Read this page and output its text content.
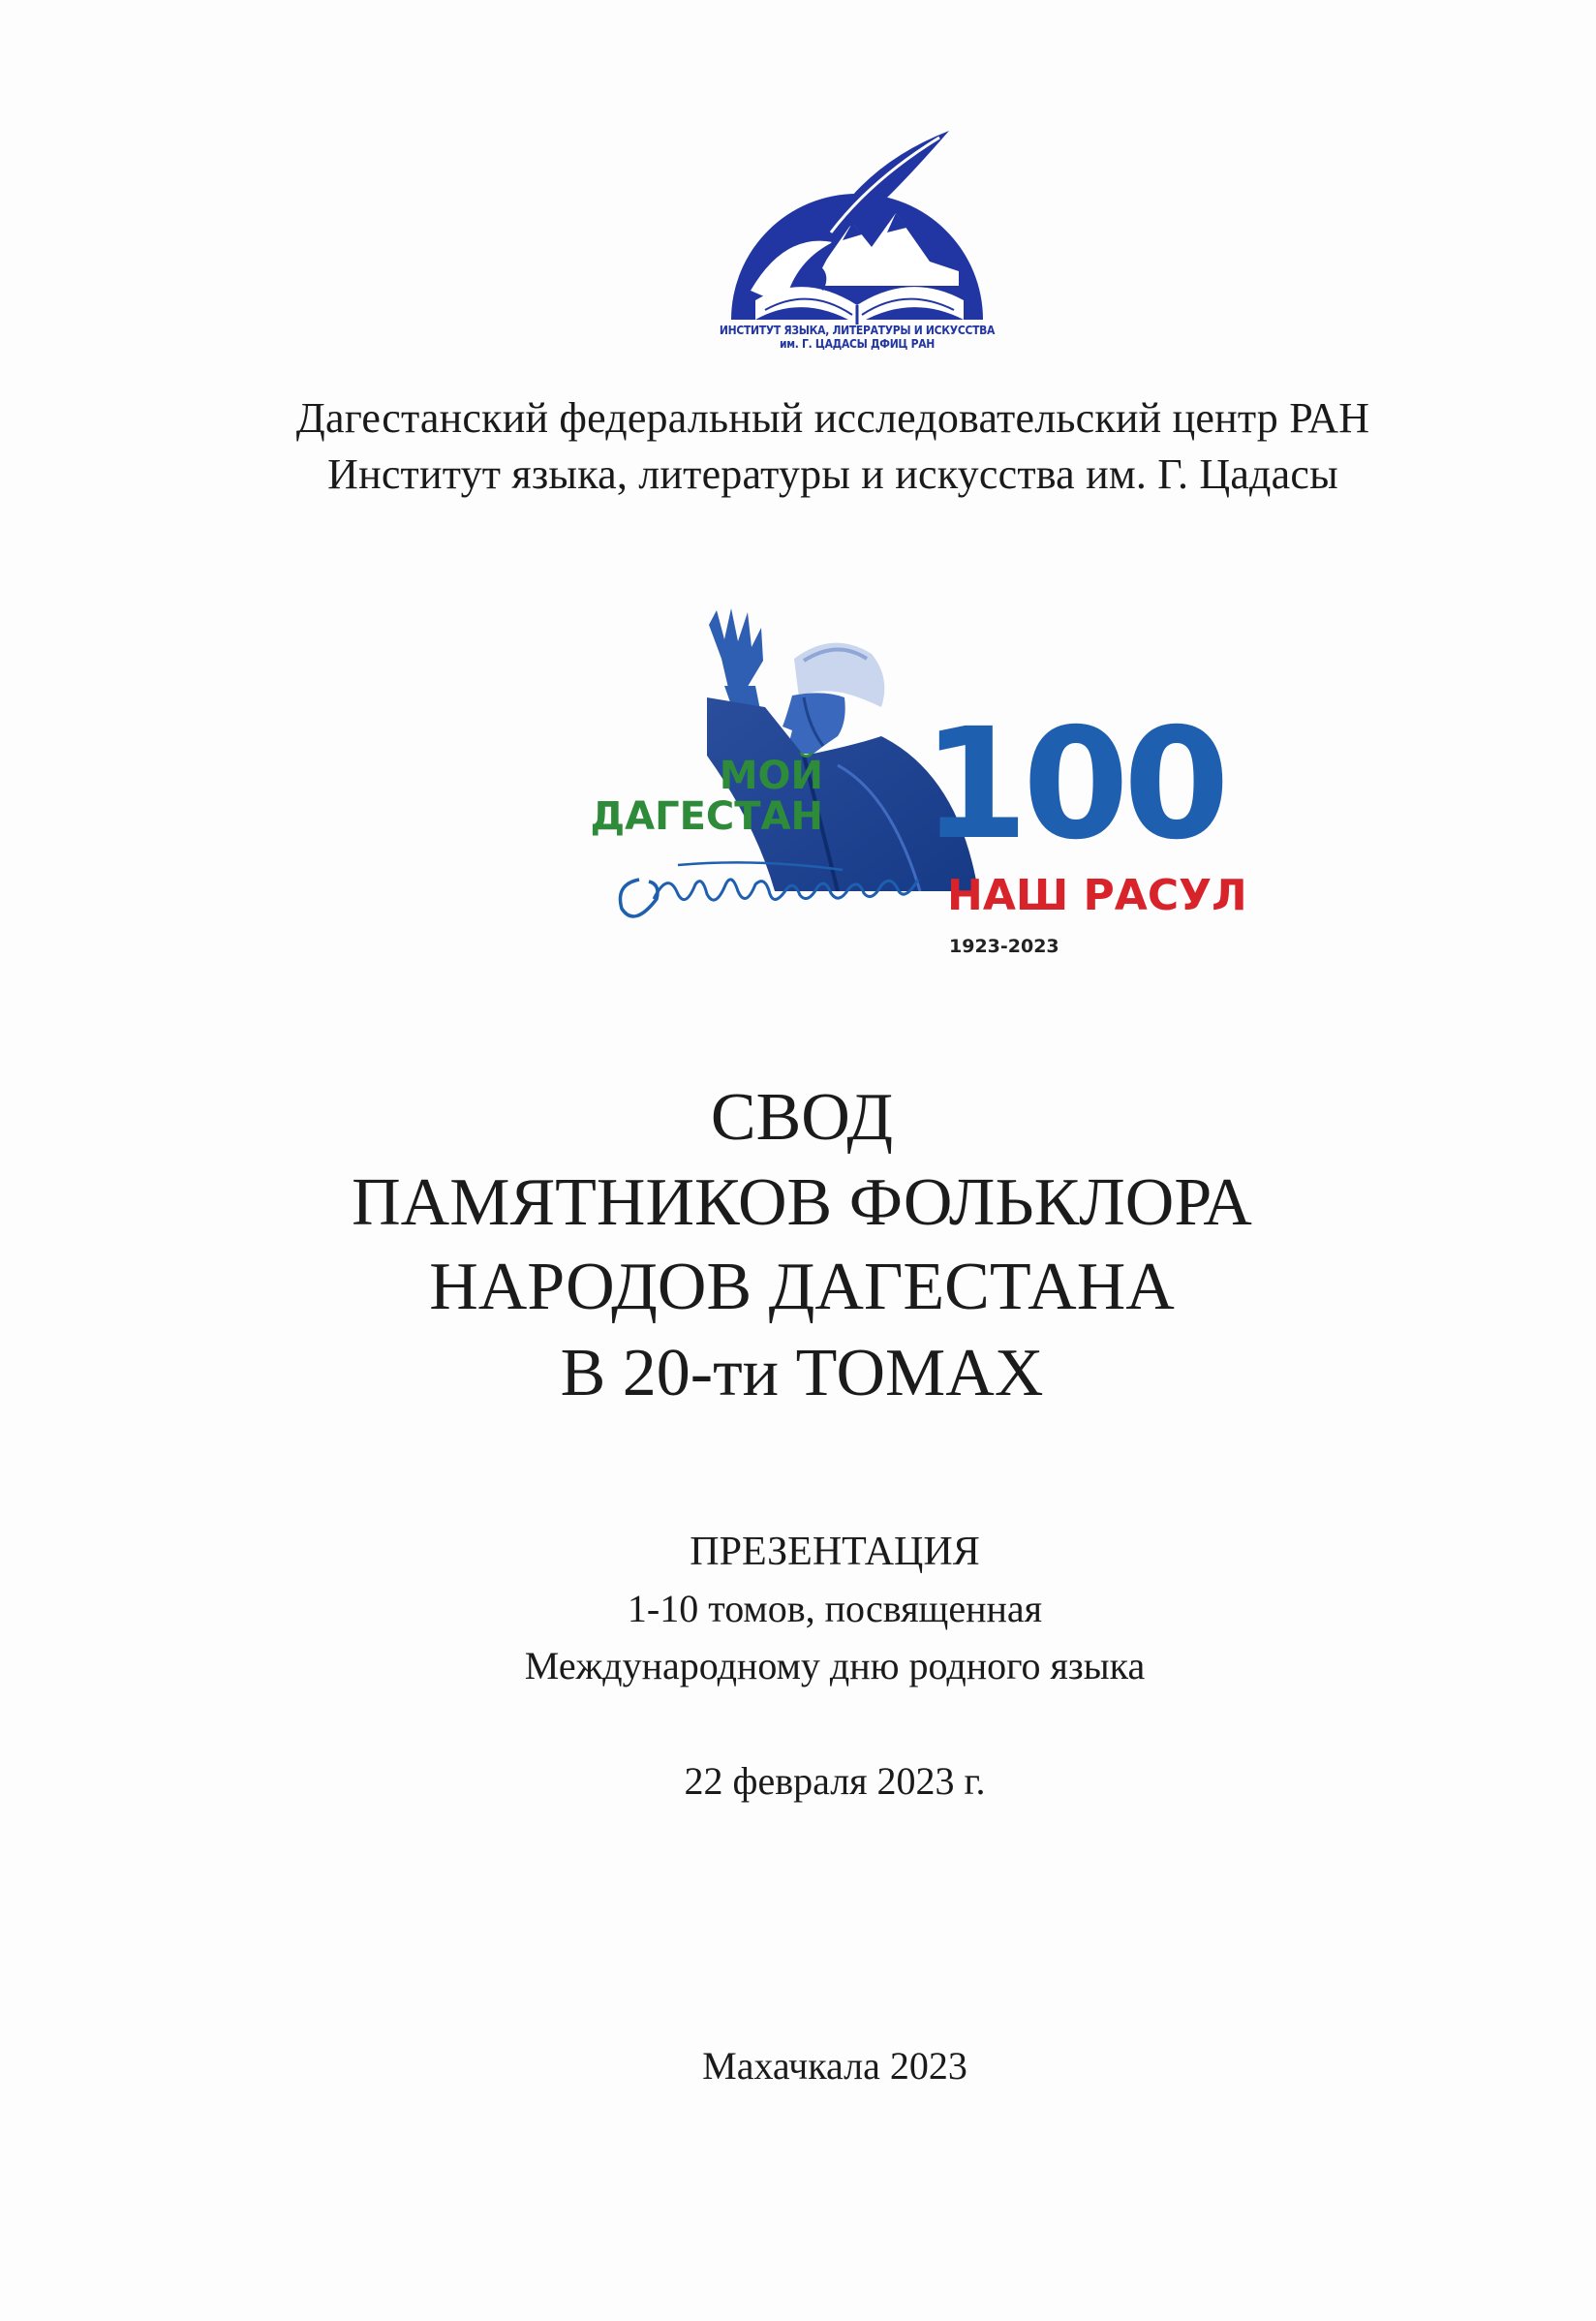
ИНСТИТУТ ЯЗЫКА, ЛИТЕРАТУРЫ И ИСКУССТВА
им. Г. ЦАДАСЫ ДФИЦ РАН
Дагестанский федеральный исследовательский центр РАН
Институт языка, литературы и искусства им. Г. Цадасы
МОЙ
ДАГЕСТАН 100
НАШ РАСУЛ
1923-2023
СВОД
ПАМЯТНИКОВ ФОЛЬКЛОРА
НАРОДОВ ДАГЕСТАНА
В 20-ти ТОМАХ
ПРЕЗЕНТАЦИЯ
1-10 томов, посвященная
Международному дню родного языка
22 февраля 2023 г.
Махачкала 2023
